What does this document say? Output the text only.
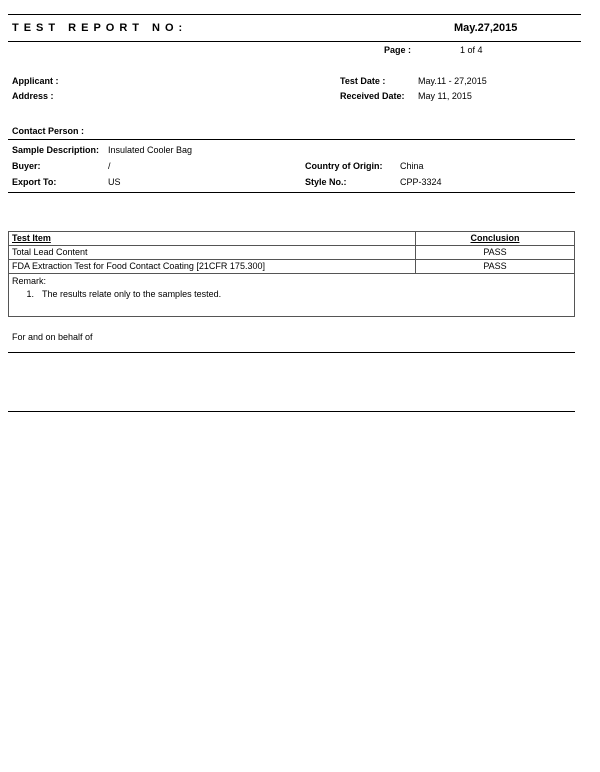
TEST REPORT NO:	May.27,2015
Page :	1 of 4
Applicant :
Address :
Test Date :	May.11 - 27,2015
Received Date: May 11, 2015
Contact Person :
Sample Description: Insulated Cooler Bag
Buyer:	/
Export To:	US
Country of Origin: China
Style No.:	CPP-3324
Test Item	Conclusion
Total Lead Content	PASS
FDA Extraction Test for Food Contact Coating [21CFR 175.300]	PASS

Remark:
1. The results relate only to the samples tested.	
For and on behalf of
